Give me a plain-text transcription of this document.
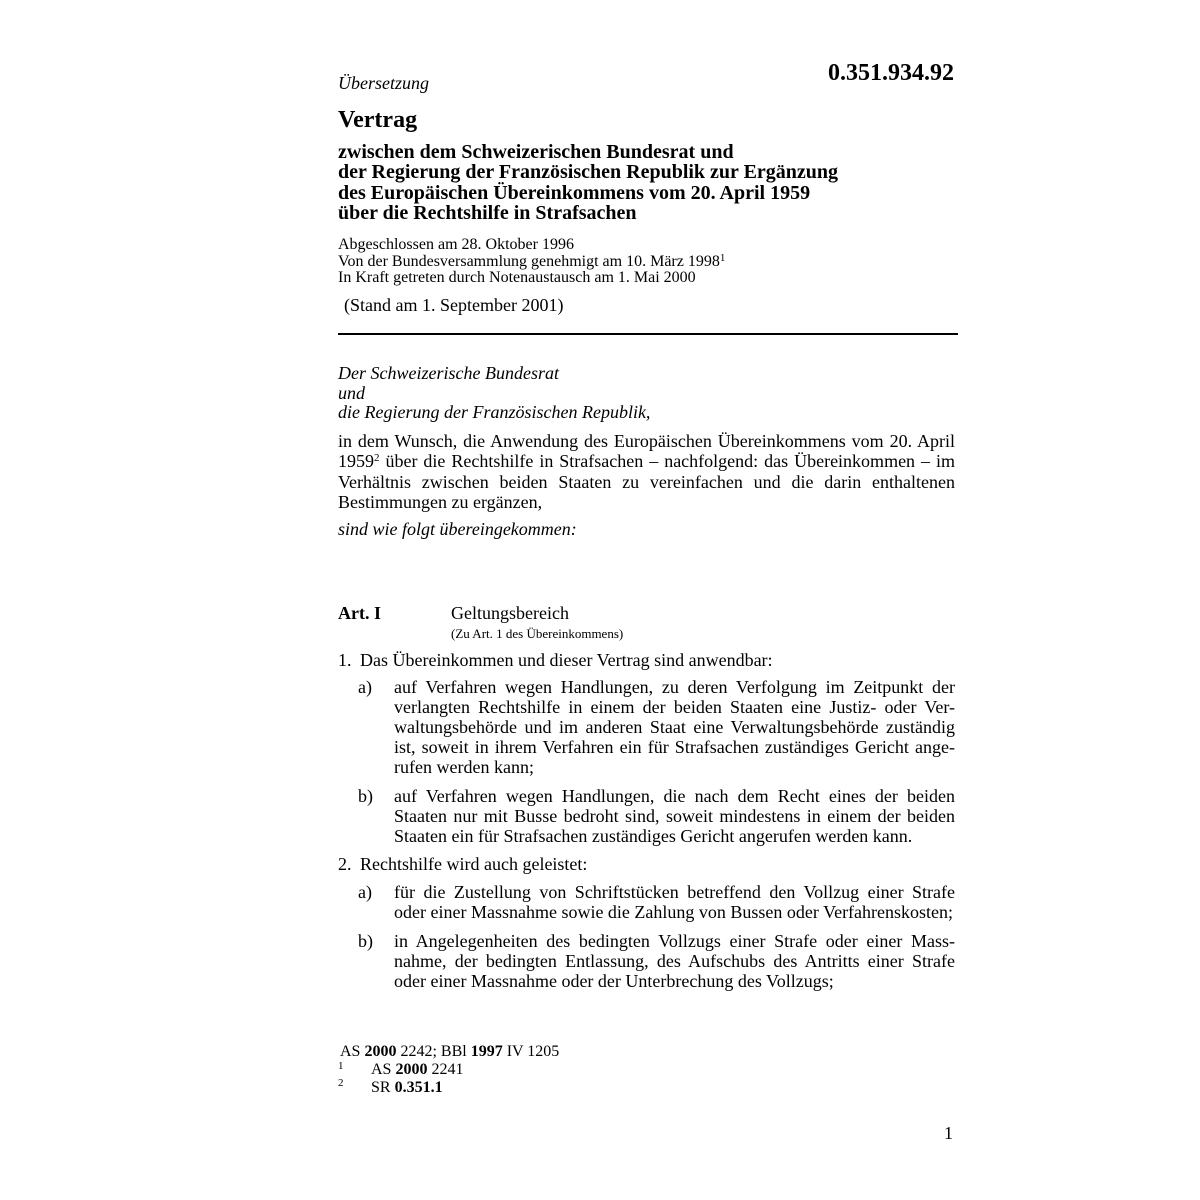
Übersetzung	0.351.934.92
Vertrag
zwischen dem Schweizerischen Bundesrat und
der Regierung der Französischen Republik zur Ergänzung
des Europäischen Übereinkommens vom 20. April 1959
über die Rechtshilfe in Strafsachen
Abgeschlossen am 28. Oktober 1996
Von der Bundesversammlung genehmigt am 10. März 1998$^1$
In Kraft getreten durch Notenaustausch am 1. Mai 2000
(Stand am 1. September 2001)
Der Schweizerische Bundesrat
und
die Regierung der Französischen Republik,
in dem Wunsch, die Anwendung des Europäischen Übereinkommens vom 20. April
1959$^2$ über die Rechtshilfe in Strafsachen – nachfolgend: das Übereinkommen – im
Verhältnis zwischen beiden Staaten zu vereinfachen und die darin enthaltenen
Bestimmungen zu ergänzen,
sind wie folgt übereingekommen:
Art. I	Geltungsbereich
(Zu Art. 1 des Übereinkommens)
1. Das Übereinkommen und dieser Vertrag sind anwendbar:
a) auf Verfahren wegen Handlungen, zu deren Verfolgung im Zeitpunkt der
verlangten Rechtshilfe in einem der beiden Staaten eine Justiz- oder Ver-
waltungsbehörde und im anderen Staat eine Verwaltungsbehörde zuständig
ist, soweit in ihrem Verfahren ein für Strafsachen zuständiges Gericht ange-
rufen werden kann;
b) auf Verfahren wegen Handlungen, die nach dem Recht eines der beiden
Staaten nur mit Busse bedroht sind, soweit mindestens in einem der beiden
Staaten ein für Strafsachen zuständiges Gericht angerufen werden kann.
2. Rechtshilfe wird auch geleistet:
a) für die Zustellung von Schriftstücken betreffend den Vollzug einer Strafe
oder einer Massnahme sowie die Zahlung von Bussen oder Verfahrenskosten;
b) in Angelegenheiten des bedingten Vollzugs einer Strafe oder einer Mass-
nahme, der bedingten Entlassung, des Aufschubs des Antritts einer Strafe
oder einer Massnahme oder der Unterbrechung des Vollzugs;
AS 2000 2242; BBl 1997 IV 1205
1 AS 2000 2241
2 SR 0.351.1
1
